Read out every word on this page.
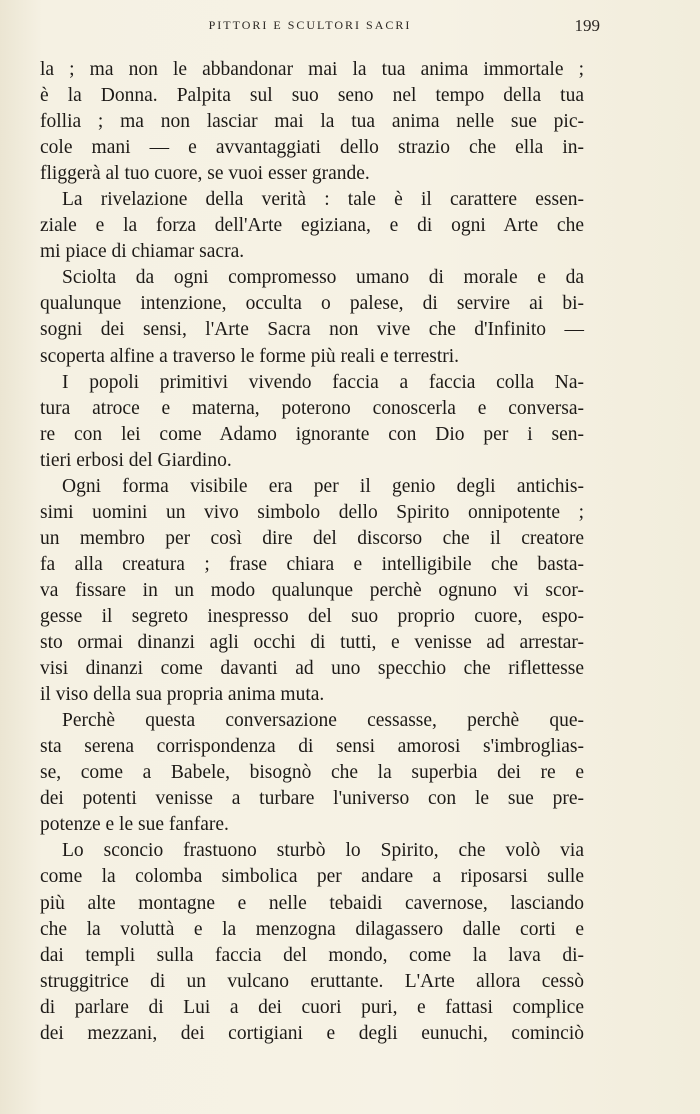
PITTORI E SCULTORI SACRI	199
la ; ma non le abbandonar mai la tua anima immortale ;
è la Donna. Palpita sul suo seno nel tempo della tua
follia ; ma non lasciar mai la tua anima nelle sue pic-
cole mani — e avvantaggiati dello strazio che ella in-
fliggerà al tuo cuore, se vuoi esser grande.
La rivelazione della verità : tale è il carattere essen-
ziale e la forza dell'Arte egiziana, e di ogni Arte che
mi piace di chiamar sacra.
Sciolta da ogni compromesso umano di morale e da
qualunque intenzione, occulta o palese, di servire ai bi-
sogni dei sensi, l'Arte Sacra non vive che d'Infinito —
scoperta alfine a traverso le forme più reali e terrestri.
I popoli primitivi vivendo faccia a faccia colla Na-
tura atroce e materna, poterono conoscerla e conversa-
re con lei come Adamo ignorante con Dio per i sen-
tieri erbosi del Giardino.
Ogni forma visibile era per il genio degli antichis-
simi uomini un vivo simbolo dello Spirito onnipotente ;
un membro per così dire del discorso che il creatore
fa alla creatura ; frase chiara e intelligibile che basta-
va fissare in un modo qualunque perchè ognuno vi scor-
gesse il segreto inespresso del suo proprio cuore, espo-
sto ormai dinanzi agli occhi di tutti, e venisse ad arrestar-
visi dinanzi come davanti ad uno specchio che riflettesse
il viso della sua propria anima muta.
Perchè questa conversazione cessasse, perchè que-
sta serena corrispondenza di sensi amorosi s'imbroglias-
se, come a Babele, bisognò che la superbia dei re e
dei potenti venisse a turbare l'universo con le sue pre-
potenze e le sue fanfare.
Lo sconcio frastuono sturbò lo Spirito, che volò via
come la colomba simbolica per andare a riposarsi sulle
più alte montagne e nelle tebaidi cavernose, lasciando
che la voluttà e la menzogna dilagassero dalle corti e
dai templi sulla faccia del mondo, come la lava di-
struggitrice di un vulcano eruttante. L'Arte allora cessò
di parlare di Lui a dei cuori puri, e fattasi complice
dei mezzani, dei cortigiani e degli eunuchi, cominciò
